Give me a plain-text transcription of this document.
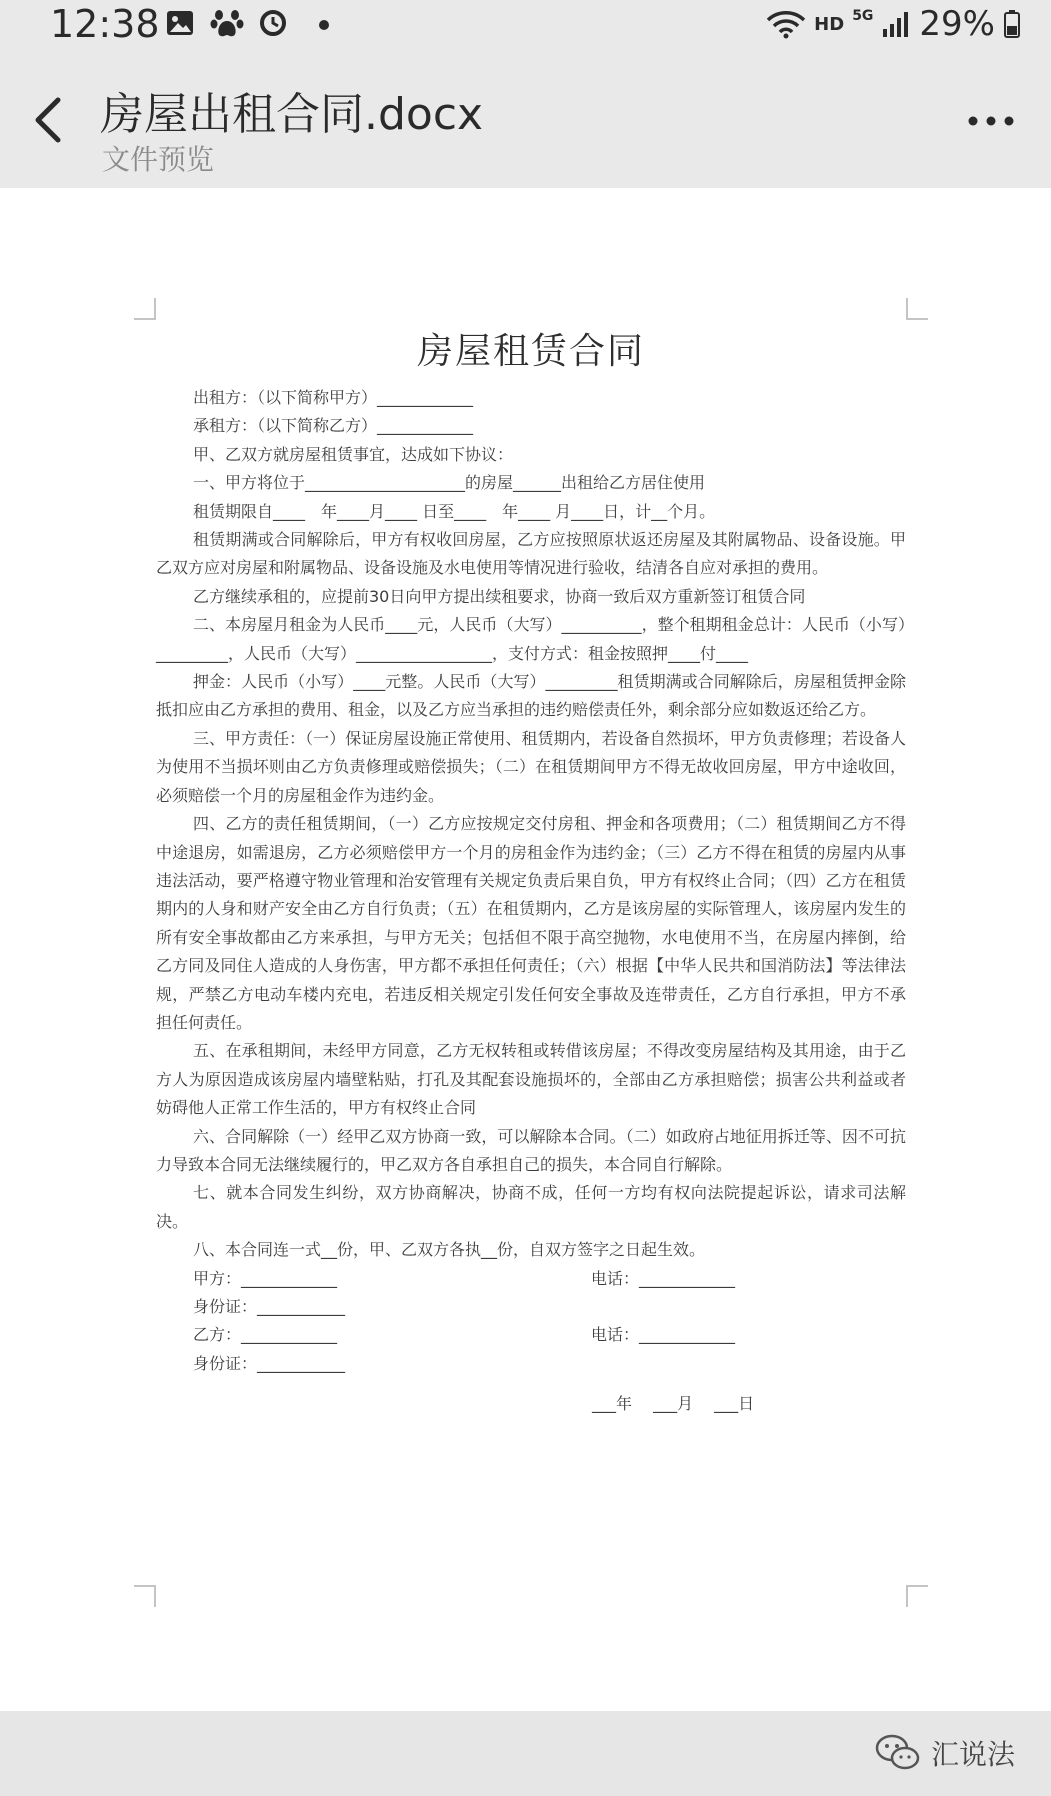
12:38	HD 5G 29%
房屋出租合同.docx
文件预览
房屋租赁合同

出租方：（以下简称甲方）____________

承租方：（以下简称乙方）____________

甲、乙双方就房屋租赁事宜，达成如下协议：

一、甲方将位于____________________的房屋______出租给乙方居住使用

租赁期限自____　年____月____ 日至____　年____ 月____日，计__个月。

租赁期满或合同解除后，甲方有权收回房屋，乙方应按照原状返还房屋及其附属物品、设备设施。甲乙双方应对房屋和附属物品、设备设施及水电使用等情况进行验收，结清各自应对承担的费用。

乙方继续承租的，应提前30日向甲方提出续租要求，协商一致后双方重新签订租赁合同

二、本房屋月租金为人民币____元，人民币（大写）__________，整个租期租金总计：人民币（小写）_________，人民币（大写）_________________，支付方式：租金按照押____付____

押金：人民币（小写）____元整。人民币（大写）_________租赁期满或合同解除后，房屋租赁押金除抵扣应由乙方承担的费用、租金，以及乙方应当承担的违约赔偿责任外，剩余部分应如数返还给乙方。

三、甲方责任：（一）保证房屋设施正常使用、租赁期内，若设备自然损坏，甲方负责修理；若设备人为使用不当损坏则由乙方负责修理或赔偿损失；（二）在租赁期间甲方不得无故收回房屋，甲方中途收回，必须赔偿一个月的房屋租金作为违约金。

四、乙方的责任租赁期间，（一）乙方应按规定交付房租、押金和各项费用；（二）租赁期间乙方不得中途退房，如需退房，乙方必须赔偿甲方一个月的房租金作为违约金；（三）乙方不得在租赁的房屋内从事违法活动，要严格遵守物业管理和治安管理有关规定负责后果自负，甲方有权终止合同；（四）乙方在租赁期内的人身和财产安全由乙方自行负责；（五）在租赁期内，乙方是该房屋的实际管理人，该房屋内发生的所有安全事故都由乙方来承担，与甲方无关；包括但不限于高空抛物，水电使用不当，在房屋内摔倒，给乙方同及同住人造成的人身伤害，甲方都不承担任何责任；（六）根据【中华人民共和国消防法】等法律法规，严禁乙方电动车楼内充电，若违反相关规定引发任何安全事故及连带责任，乙方自行承担，甲方不承担任何责任。

五、在承租期间，未经甲方同意，乙方无权转租或转借该房屋；不得改变房屋结构及其用途，由于乙方人为原因造成该房屋内墙壁粘贴，打孔及其配套设施损坏的，全部由乙方承担赔偿；损害公共利益或者妨碍他人正常工作生活的，甲方有权终止合同

六、合同解除（一）经甲乙双方协商一致，可以解除本合同。（二）如政府占地征用拆迁等、因不可抗力导致本合同无法继续履行的，甲乙双方各自承担自己的损失，本合同自行解除。

七、就本合同发生纠纷，双方协商解决，协商不成，任何一方均有权向法院提起诉讼，请求司法解决。

八、本合同连一式__份，甲、乙双方各执__份，自双方签字之日起生效。

甲方：____________	电话：____________
身份证：___________
乙方：____________	电话：____________
身份证：___________
___年　 ___月　 ___日
汇说法
